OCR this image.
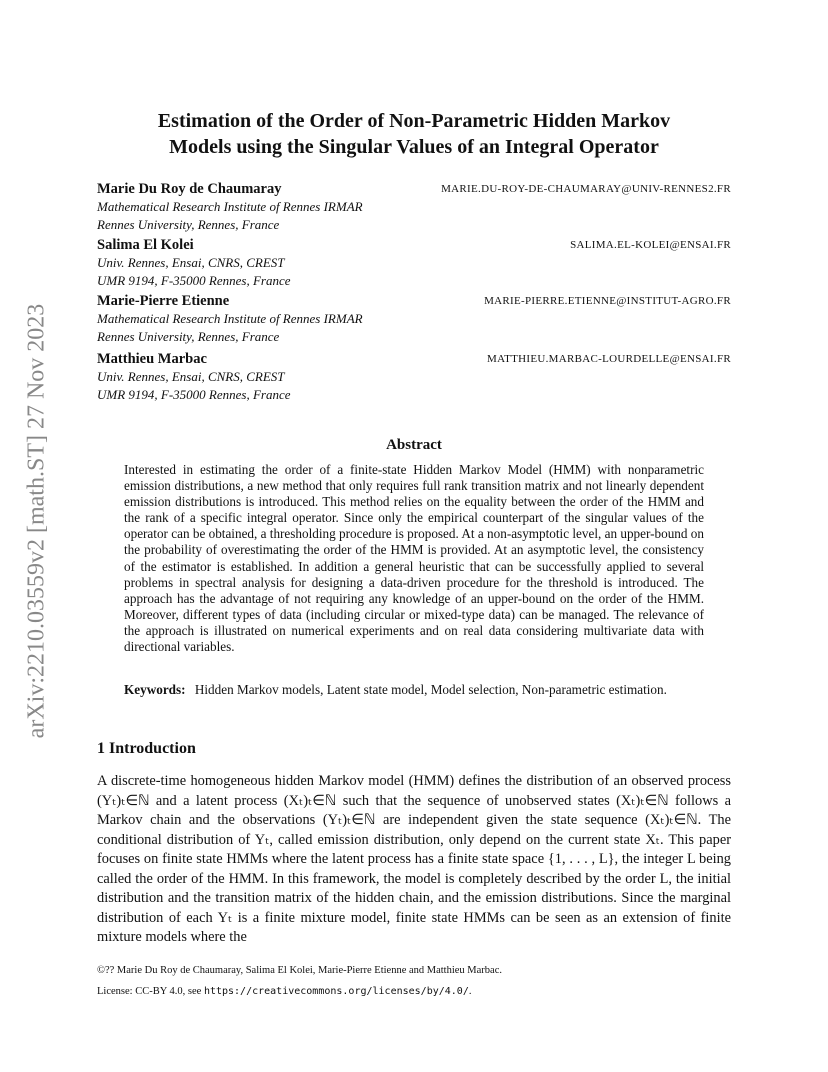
arXiv:2210.03559v2 [math.ST] 27 Nov 2023
Estimation of the Order of Non-Parametric Hidden Markov
Models using the Singular Values of an Integral Operator
Marie Du Roy de Chaumaray	MARIE.DU-ROY-DE-CHAUMARAY@UNIV-RENNES2.FR
Mathematical Research Institute of Rennes IRMAR
Rennes University, Rennes, France
Salima El Kolei	SALIMA.EL-KOLEI@ENSAI.FR
Univ. Rennes, Ensai, CNRS, CREST
UMR 9194, F-35000 Rennes, France
Marie-Pierre Etienne	MARIE-PIERRE.ETIENNE@INSTITUT-AGRO.FR
Mathematical Research Institute of Rennes IRMAR
Rennes University, Rennes, France
Matthieu Marbac	MATTHIEU.MARBAC-LOURDELLE@ENSAI.FR
Univ. Rennes, Ensai, CNRS, CREST
UMR 9194, F-35000 Rennes, France
Abstract
Interested in estimating the order of a finite-state Hidden Markov Model (HMM) with nonparametric emission distributions, a new method that only requires full rank transition matrix and not linearly dependent emission distributions is introduced. This method relies on the equality between the order of the HMM and the rank of a specific integral operator. Since only the empirical counterpart of the singular values of the operator can be obtained, a thresholding procedure is proposed. At a non-asymptotic level, an upper-bound on the probability of overestimating the order of the HMM is provided. At an asymptotic level, the consistency of the estimator is established. In addition a general heuristic that can be successfully applied to several problems in spectral analysis for designing a data-driven procedure for the threshold is introduced. The approach has the advantage of not requiring any knowledge of an upper-bound on the order of the HMM. Moreover, different types of data (including circular or mixed-type data) can be managed. The relevance of the approach is illustrated on numerical experiments and on real data considering multivariate data with directional variables.
Keywords: Hidden Markov models, Latent state model, Model selection, Non-parametric estimation.
1 Introduction
A discrete-time homogeneous hidden Markov model (HMM) defines the distribution of an observed process (Yₜ)ₜ∈ℕ and a latent process (Xₜ)ₜ∈ℕ such that the sequence of unobserved states (Xₜ)ₜ∈ℕ follows a Markov chain and the observations (Yₜ)ₜ∈ℕ are independent given the state sequence (Xₜ)ₜ∈ℕ. The conditional distribution of Yₜ, called emission distribution, only depend on the current state Xₜ. This paper focuses on finite state HMMs where the latent process has a finite state space {1, . . . , L}, the integer L being called the order of the HMM. In this framework, the model is completely described by the order L, the initial distribution and the transition matrix of the hidden chain, and the emission distributions. Since the marginal distribution of each Yₜ is a finite mixture model, finite state HMMs can be seen as an extension of finite mixture models where the
©?? Marie Du Roy de Chaumaray, Salima El Kolei, Marie-Pierre Etienne and Matthieu Marbac.
License: CC-BY 4.0, see https://creativecommons.org/licenses/by/4.0/.
